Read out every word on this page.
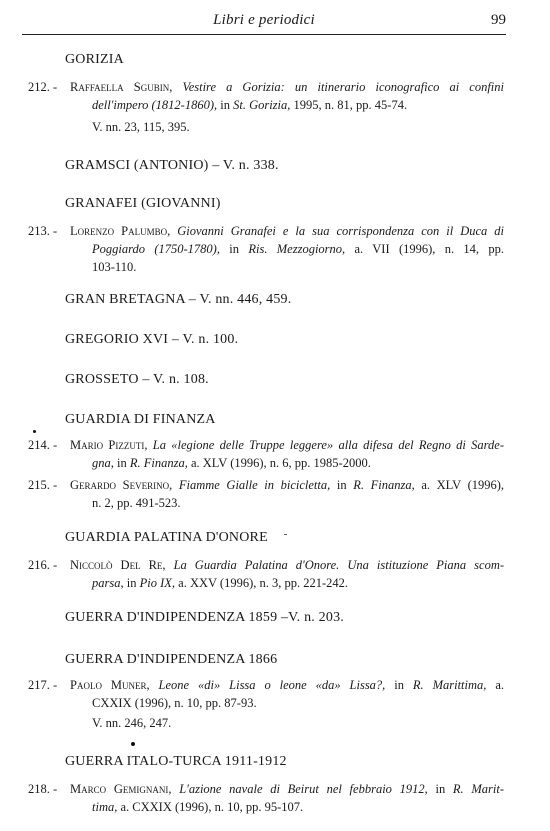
Libri e periodici	99
GORIZIA
212. -	Raffaella Sgubin, Vestire a Gorizia: un itinerario iconografico ai confini
dell'impero (1812-1860), in St. Gorizia, 1995, n. 81, pp. 45-74.
V. nn. 23, 115, 395.
GRAMSCI (ANTONIO) – V. n. 338.
GRANAFEI (GIOVANNI)
213. -	Lorenzo Palumbo, Giovanni Granafei e la sua corrispondenza con il Duca di
Poggiardo (1750-1780), in Ris. Mezzogiorno, a. VII (1996), n. 14, pp.
103-110.
GRAN BRETAGNA – V. nn. 446, 459.
GREGORIO XVI – V. n. 100.
GROSSETO – V. n. 108.
GUARDIA DI FINANZA
214. -	Mario Pizzuti, La «legione delle Truppe leggere» alla difesa del Regno di Sarde-
gna, in R. Finanza, a. XLV (1996), n. 6, pp. 1985-2000.
215. -	Gerardo Severino, Fiamme Gialle in bicicletta, in R. Finanza, a. XLV (1996),
n. 2, pp. 491-523.
GUARDIA PALATINA D'ONORE
216. -	Niccolò Del Re, La Guardia Palatina d'Onore. Una istituzione Piana scom-
parsa, in Pio IX, a. XXV (1996), n. 3, pp. 221-242.
GUERRA D'INDIPENDENZA 1859 –V. n. 203.
GUERRA D'INDIPENDENZA 1866
217. -	Paolo Muner, Leone «di» Lissa o leone «da» Lissa?, in R. Marittima, a.
CXXIX (1996), n. 10, pp. 87-93.
V. nn. 246, 247.
GUERRA ITALO-TURCA 1911-1912
218. -	Marco Gemignani, L'azione navale di Beirut nel febbraio 1912, in R. Marit-
tima, a. CXXIX (1996), n. 10, pp. 95-107.
